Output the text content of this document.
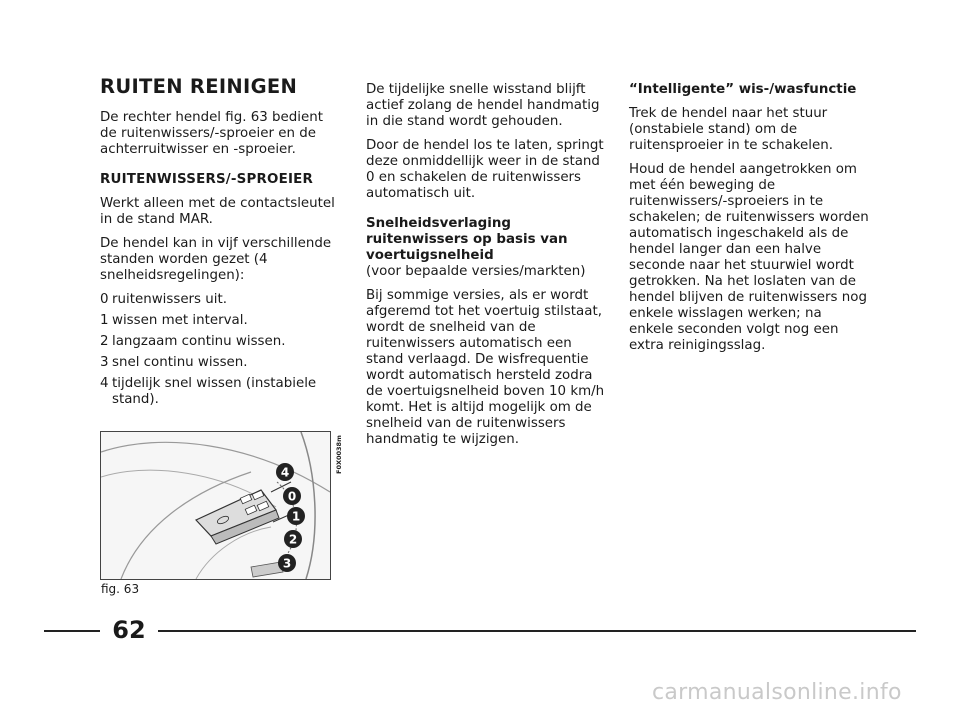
RUITEN REINIGEN

De rechter hendel fig. 63 bedient de ruitenwissers/-sproeier en de achterruitwisser en -sproeier.

RUITENWISSERS/-SPROEIER

Werkt alleen met de contactsleutel in de stand MAR.

De hendel kan in vijf verschillende standen worden gezet (4 snelheidsregelingen):

0 ruitenwissers uit.
1 wissen met interval.
2 langzaam continu wissen.
3 snel continu wissen.
4 tijdelijk snel wissen (instabiele stand).
4
0
1
2
3
F0X0038m
fig. 63

De tijdelijke snelle wisstand blijft actief zolang de hendel handmatig in die stand wordt gehouden.

Door de hendel los te laten, springt deze onmiddellijk weer in de stand 0 en schakelen de ruitenwissers automatisch uit.

Snelheidsverlaging ruitenwissers op basis van voertuigsnelheid

(voor bepaalde versies/markten)

Bij sommige versies, als er wordt afgeremd tot het voertuig stilstaat, wordt de snelheid van de ruitenwissers automatisch een stand verlaagd. De wisfrequentie wordt automatisch hersteld zodra de voertuigsnelheid boven 10 km/h komt. Het is altijd mogelijk om de snelheid van de ruitenwissers handmatig te wijzigen.

“Intelligente” wis-/wasfunctie

Trek de hendel naar het stuur (onstabiele stand) om de ruitensproeier in te schakelen.

Houd de hendel aangetrokken om met één beweging de ruitenwissers/-sproeiers in te schakelen; de ruitenwissers worden automatisch ingeschakeld als de hendel langer dan een halve seconde naar het stuurwiel wordt getrokken. Na het loslaten van de hendel blijven de ruitenwissers nog enkele wisslagen werken; na enkele seconden volgt nog een extra reinigingsslag.

62
carmanualsonline.info
